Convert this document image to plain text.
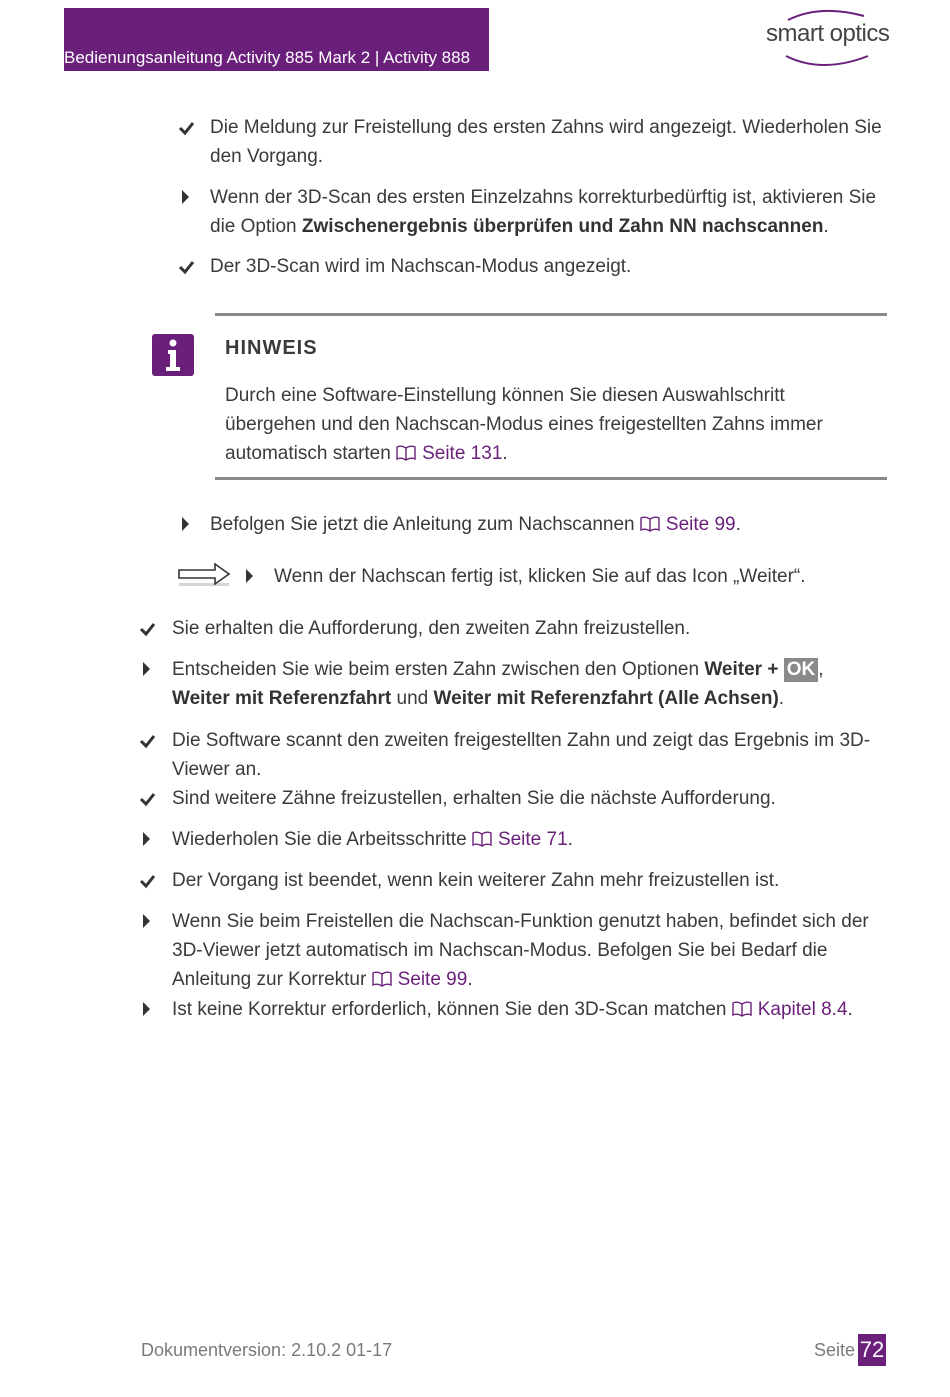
Bedienungsanleitung Activity 885 Mark 2 | Activity 888
smart optics
Die Meldung zur Freistellung des ersten Zahns wird angezeigt. Wiederholen Sie den Vorgang.
Wenn der 3D-Scan des ersten Einzelzahns korrekturbedürftig ist, aktivieren Sie die Option Zwischenergebnis überprüfen und Zahn NN nachscannen.
Der 3D-Scan wird im Nachscan-Modus angezeigt.
HINWEIS
Durch eine Software-Einstellung können Sie diesen Auswahlschritt übergehen und den Nachscan-Modus eines freigestellten Zahns immer automatisch starten Seite 131.
Befolgen Sie jetzt die Anleitung zum Nachscannen Seite 99.
Wenn der Nachscan fertig ist, klicken Sie auf das Icon „Weiter“.
Sie erhalten die Aufforderung, den zweiten Zahn freizustellen.
Entscheiden Sie wie beim ersten Zahn zwischen den Optionen Weiter + OK ,
Weiter mit Referenzfahrt und Weiter mit Referenzfahrt (Alle Achsen).
Die Software scannt den zweiten freigestellten Zahn und zeigt das Ergebnis im 3D-Viewer an.
Sind weitere Zähne freizustellen, erhalten Sie die nächste Aufforderung.
Wiederholen Sie die Arbeitsschritte Seite 71.
Der Vorgang ist beendet, wenn kein weiterer Zahn mehr freizustellen ist.
Wenn Sie beim Freistellen die Nachscan-Funktion genutzt haben, befindet sich der 3D-Viewer jetzt automatisch im Nachscan-Modus. Befolgen Sie bei Bedarf die Anleitung zur Korrektur Seite 99.
Ist keine Korrektur erforderlich, können Sie den 3D-Scan matchen Kapitel 8.4.
Dokumentversion: 2.10.2 01-17	Seite 72
